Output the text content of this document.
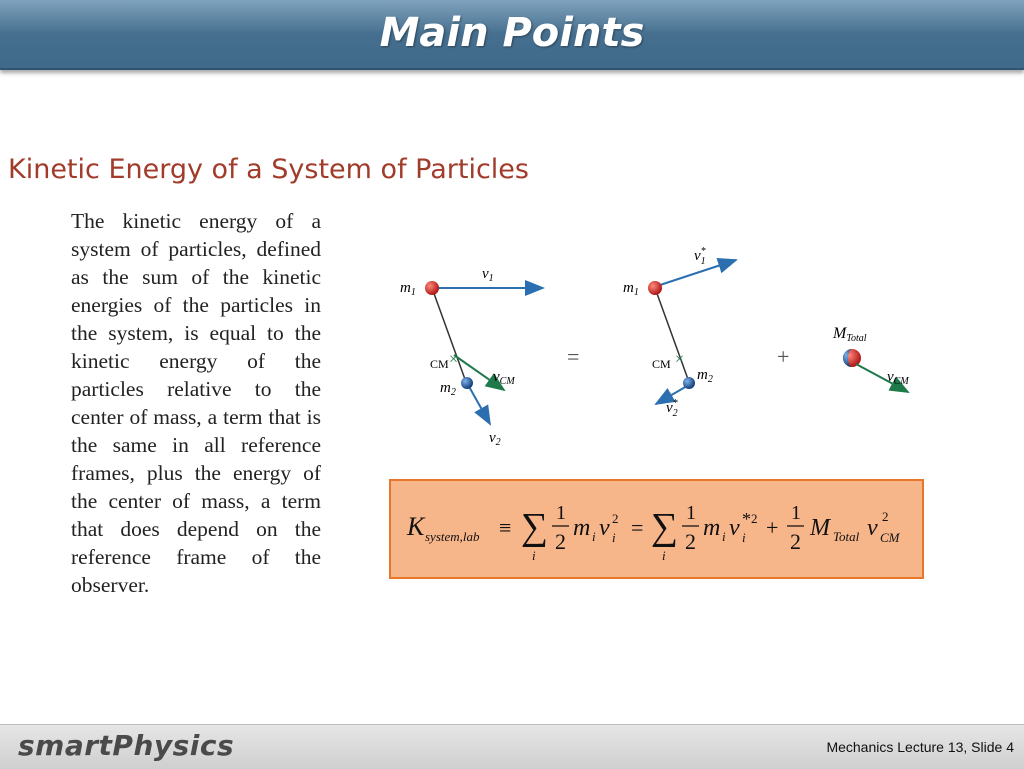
Main Points
Kinetic Energy of a System of Particles
The kinetic energy of a system of particles, defined as the sum of the kinetic energies of the particles in the system, is equal to the kinetic energy of the particles relative to the center of mass, a term that is the same in all reference frames, plus the energy of the center of mass, a term that does depend on the reference frame of the observer.
×
$m_1$
CM
$m_2$
$v_1$
$v_{CM}$
$v_2$
=	×
$m_1$
CM
$m_2$
v* 1
v* 2
+
MTotal
$v_{CM}$
K system,lab ≡ ∑
i
1
2
m i v 2
i = ∑
i
1
2
m i v * 2
i +
1
2
M Total v 2
CM
smartPhysics	Mechanics Lecture 13, Slide 4
